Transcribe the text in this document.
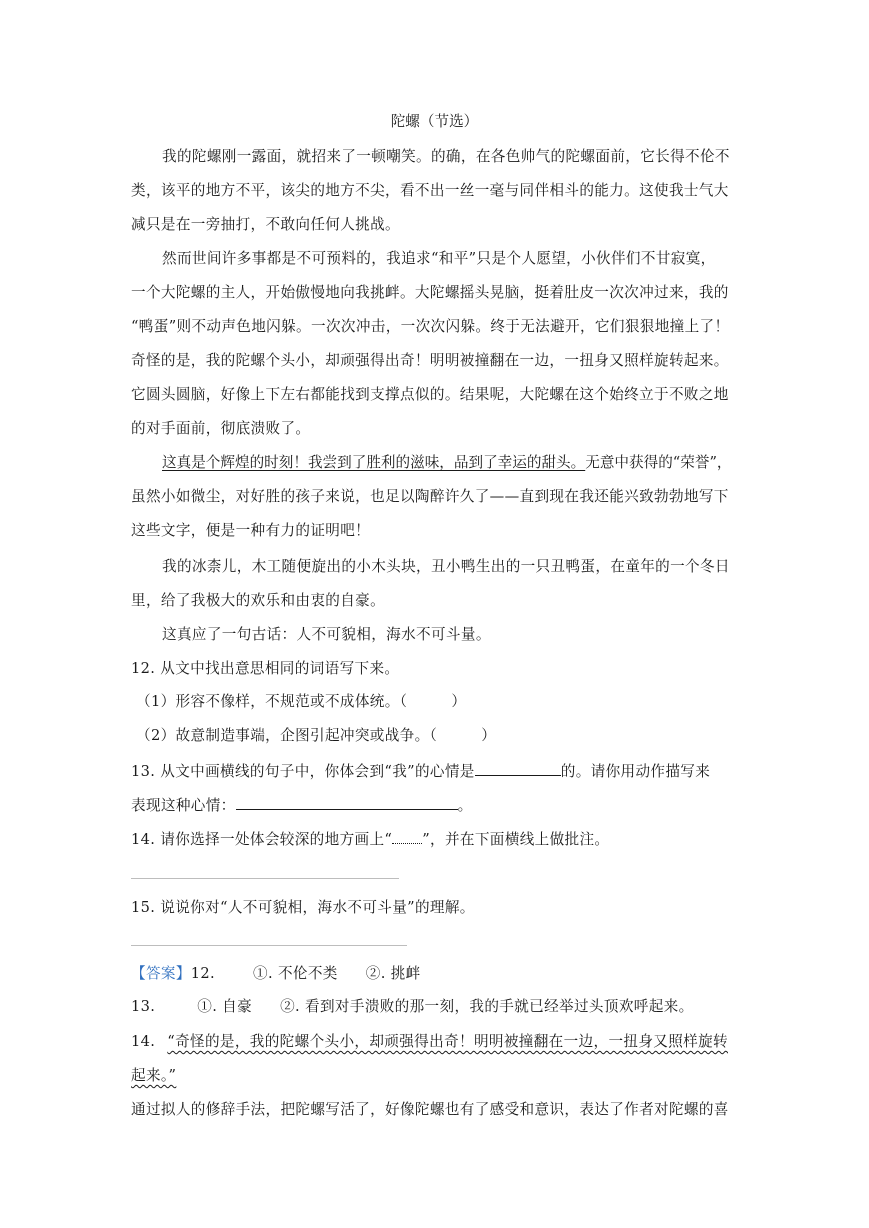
陀螺（节选）
我的陀螺刚一露面，就招来了一顿嘲笑。的确，在各色帅气的陀螺面前，它长得不伦不
类，该平的地方不平，该尖的地方不尖，看不出一丝一毫与同伴相斗的能力。这使我士气大
减只是在一旁抽打，不敢向任何人挑战。
然而世间许多事都是不可预料的，我追求“和平”只是个人愿望，小伙伴们不甘寂寞，
一个大陀螺的主人，开始傲慢地向我挑衅。大陀螺摇头晃脑，挺着肚皮一次次冲过来，我的
“鸭蛋”则不动声色地闪躲。一次次冲击，一次次闪躲。终于无法避开，它们狠狠地撞上了！
奇怪的是，我的陀螺个头小，却顽强得出奇！明明被撞翻在一边，一扭身又照样旋转起来。
它圆头圆脑，好像上下左右都能找到支撑点似的。结果呢，大陀螺在这个始终立于不败之地
的对手面前，彻底溃败了。
这真是个辉煌的时刻！我尝到了胜利的滋味，品到了幸运的甜头。无意中获得的“荣誉”，
虽然小如微尘，对好胜的孩子来说，也足以陶醉许久了——直到现在我还能兴致勃勃地写下
这些文字，便是一种有力的证明吧！
我的冰柰儿，木工随便旋出的小木头块，丑小鸭生出的一只丑鸭蛋，在童年的一个冬日
里，给了我极大的欢乐和由衷的自豪。
这真应了一句古话：人不可貌相，海水不可斗量。
12. 从文中找出意思相同的词语写下来。
（1）形容不像样，不规范或不成体统。（	）
（2）故意制造事端，企图引起冲突或战争。（	）
13. 从文中画横线的句子中，你体会到“我”的心情是	的。请你用动作描写来
表现这种心情：	。
14. 请你选择一处体会较深的地方画上“ ”，并在下面横线上做批注。
15. 说说你对“人不可貌相，海水不可斗量”的理解。
【答案】12.	①. 不伦不类 ②. 挑衅
13.	①. 自豪 ②. 看到对手溃败的那一刻，我的手就已经举过头顶欢呼起来。
14. “奇怪的是，我的陀螺个头小，却顽强得出奇！明明被撞翻在一边，一扭身又照样旋转
起来。”
通过拟人的修辞手法，把陀螺写活了，好像陀螺也有了感受和意识，表达了作者对陀螺的喜
